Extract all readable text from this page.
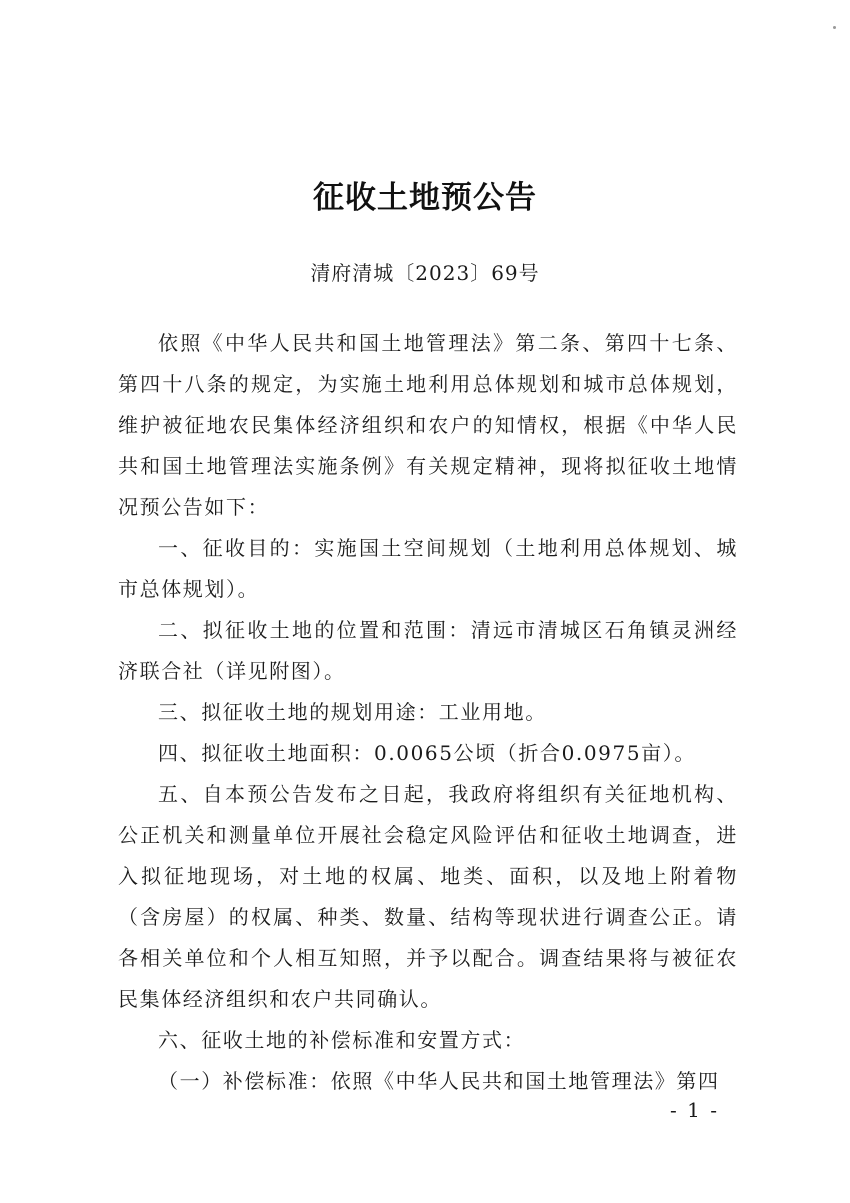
征收土地预公告
清府清城〔2023〕69号

依照《中华人民共和国土地管理法》第二条、第四十七条、第四十八条的规定，为实施土地利用总体规划和城市总体规划，维护被征地农民集体经济组织和农户的知情权，根据《中华人民共和国土地管理法实施条例》有关规定精神，现将拟征收土地情况预公告如下：

一、征收目的：实施国土空间规划（土地利用总体规划、城市总体规划）。

二、拟征收土地的位置和范围：清远市清城区石角镇灵洲经济联合社（详见附图）。

三、拟征收土地的规划用途：工业用地。

四、拟征收土地面积：0.0065公顷（折合0.0975亩）。

五、自本预公告发布之日起，我政府将组织有关征地机构、公正机关和测量单位开展社会稳定风险评估和征收土地调查，进入拟征地现场，对土地的权属、地类、面积，以及地上附着物（含房屋）的权属、种类、数量、结构等现状进行调查公正。请各相关单位和个人相互知照，并予以配合。调查结果将与被征农民集体经济组织和农户共同确认。

六、征收土地的补偿标准和安置方式：

（一）补偿标准：依照《中华人民共和国土地管理法》第四

- 1 -
